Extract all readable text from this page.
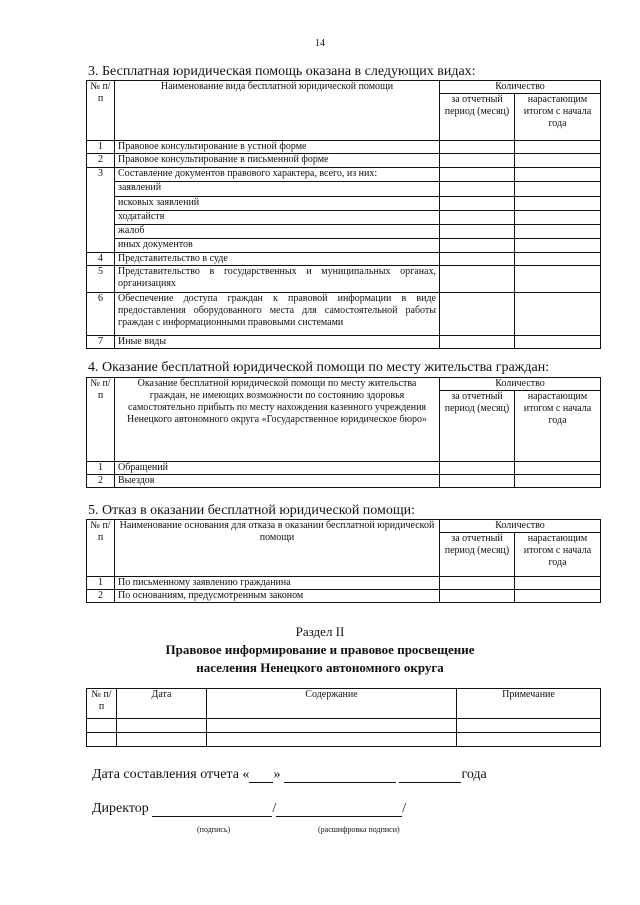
14
3. Бесплатная юридическая помощь оказана в следующих видах:
№ п/п	Наименование вида бесплатной юридической помощи	Количество	
		за отчетный период (месяц)	нарастающим итогом с начала года
1	Правовое консультирование в устной форме		
2	Правовое консультирование в письменной форме		
3	Составление документов правового характера, всего, из них:		
	заявлений		
	исковых заявлений		
	ходатайств		
	жалоб		
	иных документов		
4	Представительство в суде		
5	Представительство в государственных и муниципальных органах, организациях		
6	Обеспечение доступа граждан к правовой информации в виде предоставления оборудованного места для самостоятельной работы граждан с информационными правовыми системами		
7	Иные виды		
4. Оказание бесплатной юридической помощи по месту жительства граждан:
№ п/п	Оказание бесплатной юридической помощи по месту жительства граждан, не имеющих возможности по состоянию здоровья самостоятельно прибыть по месту нахождения казенного учреждения Ненецкого автономного округа «Государственное юридическое бюро»	Количество	
		за отчетный период (месяц)	нарастающим итогом с начала года
1	Обращений		
2	Выездов		
5. Отказ в оказании бесплатной юридической помощи:
№ п/п	Наименование основания для отказа в оказании бесплатной юридической помощи	Количество	
		за отчетный период (месяц)	нарастающим итогом с начала года
1	По письменному заявлению гражданина		
2	По основаниям, предусмотренным законом		
Раздел II
Правовое информирование и правовое просвещение
населения Ненецкого автономного округа
№ п/п	Дата	Содержание	Примечание

Дата составления отчета « »	года
Директор	/	/
(подпись)	(расшифровка подписи)
